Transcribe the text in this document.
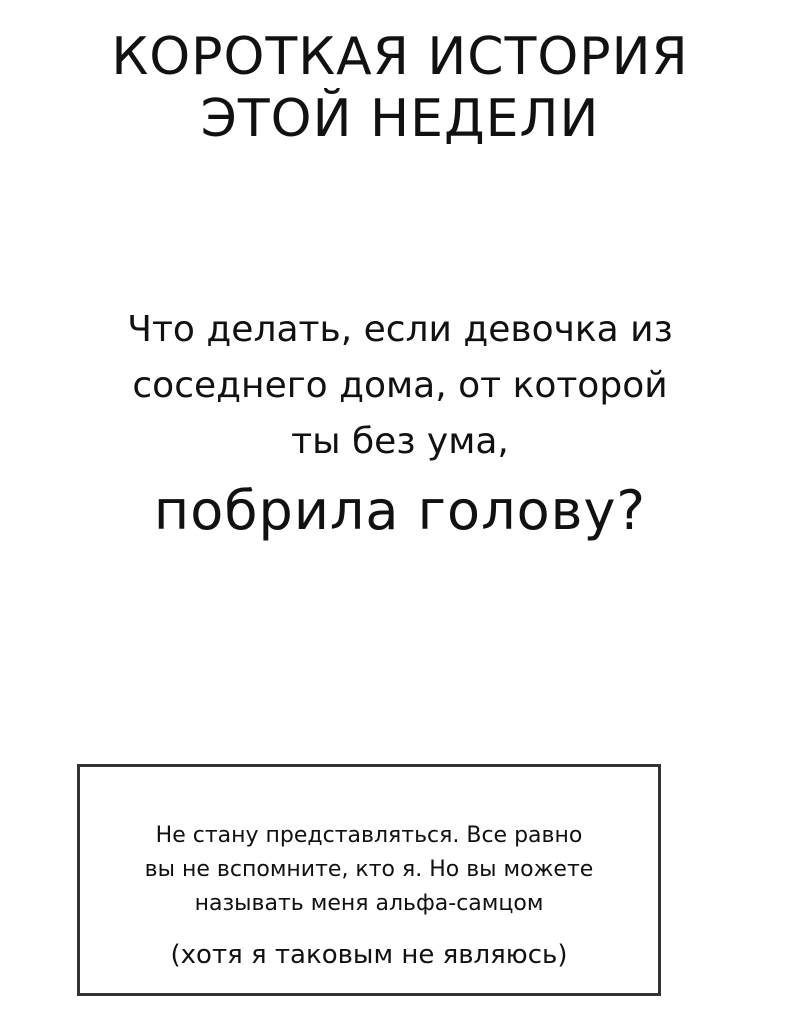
КОРОТКАЯ ИСТОРИЯ
ЭТОЙ НЕДЕЛИ
Что делать, если девочка из
соседнего дома, от которой
ты без ума,
побрила голову?
Не стану представляться. Все равно
вы не вспомните, кто я. Но вы можете
называть меня альфа-самцом
(хотя я таковым не являюсь)
